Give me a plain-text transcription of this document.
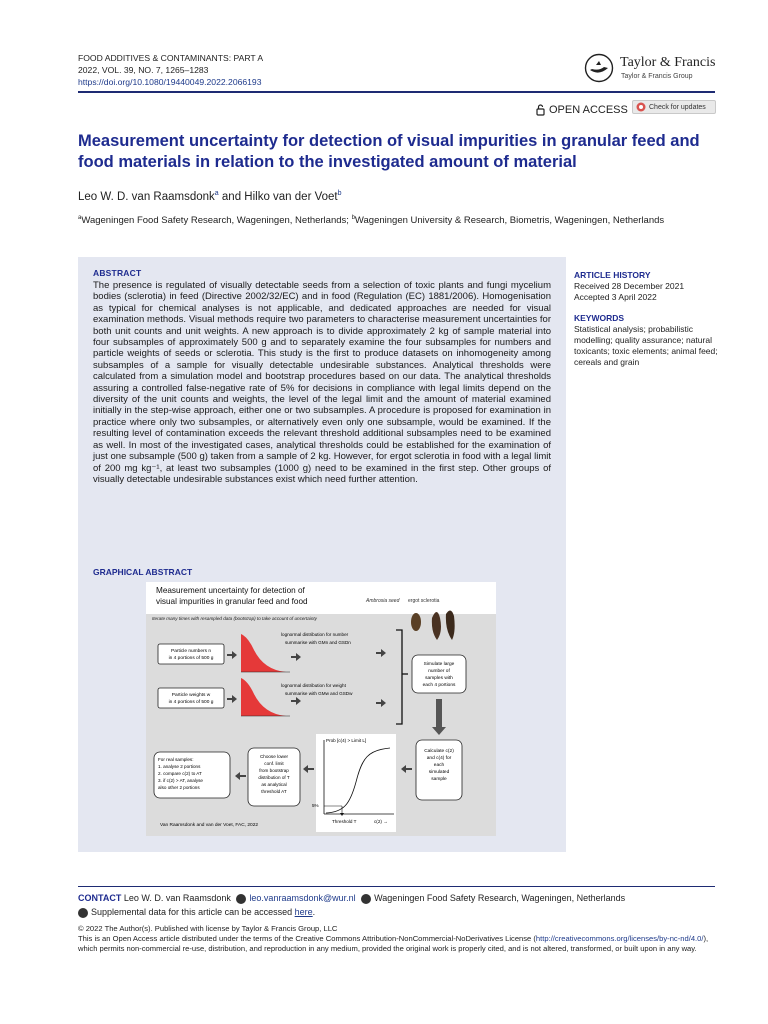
FOOD ADDITIVES & CONTAMINANTS: PART A
2022, VOL. 39, NO. 7, 1265–1283
https://doi.org/10.1080/19440049.2022.2066193
Taylor & Francis
Taylor & Francis Group
OPEN ACCESS	Check for updates
Measurement uncertainty for detection of visual impurities in granular feed and food materials in relation to the investigated amount of material
Leo W. D. van Raamsdonk$^a$ and Hilko van der Voet$^b$
$^a$Wageningen Food Safety Research, Wageningen, Netherlands; $^b$Wageningen University & Research, Biometris, Wageningen, Netherlands
ABSTRACT
The presence is regulated of visually detectable seeds from a selection of toxic plants and fungi mycelium bodies (sclerotia) in feed (Directive 2002/32/EC) and in food (Regulation (EC) 1881/2006). Homogenisation as typical for chemical analyses is not applicable, and dedicated approaches are needed for visual examination methods. Visual methods require two parameters to characterise measurement uncertainties for both unit counts and unit weights. A new approach is to divide approximately 2 kg of sample material into four subsamples of approximately 500 g and to separately examine the four subsamples for numbers and particle weights of seeds or sclerotia. This study is the first to produce datasets on inhomogeneity among subsamples of a sample for visually detectable undesirable substances. Analytical thresholds were calculated from a simulation model and bootstrap procedures based on our data. The analytical thresholds assuring a controlled false-negative rate of 5% for decisions in compliance with legal limits depend on the diversity of the unit counts and weights, the level of the legal limit and the amount of material examined initially in the step-wise approach, either one or two subsamples. A procedure is proposed for examination in practice where only two subsamples, or alternatively even only one subsample, would be examined. If the resulting level of contamination exceeds the relevant threshold additional subsamples need to be examined as well. In most of the investigated cases, analytical thresholds could be established for the examination of just one subsample (500 g) taken from a sample of 2 kg. However, for ergot sclerotia in food with a legal limit of 200 mg kg⁻¹, at least two subsamples (1000 g) need to be examined in the first step. Other groups of visually detectable undesirable substances exist which need further attention.
GRAPHICAL ABSTRACT
Measurement uncertainty for detection of
visual impurities in granular feed and food	Ambrosia seed ergot sclerotia
Iterate many times with resampled data (bootstrap) to take account of uncertainty
Particle numbers n
in 4 portions of 500 g
Particle weights w
in 4 portions of 500 g
lognormal distribution for number
summarise with GMn and GSDn
lognormal distribution for weight
summarise with GMw and GSDw
Simulate large
number of
samples with
each 4 portions
Calculate c(2)
and c(4) for
each
simulated
sample
Prob [c(4) > Limit L]
5%
Threshold T	c(2) →
Choose lower
conf. limit
from bootstrap
distribution of T
as analytical
threshold AT
For real samples:
1. analyse 2 portions
2. compare c(2) to AT
3. if c(2) > AT, analyse
also other 2 portions
Van Raamsdonk and van der Voet, FAC, 2022
ARTICLE HISTORY
Received 28 December 2021
Accepted 3 April 2022
KEYWORDS
Statistical analysis; probabilistic modelling; quality assurance; natural toxicants; toxic elements; animal feed; cereals and grain
CONTACT Leo W. D. van Raamsdonk leo.vanraamsdonk@wur.nl Wageningen Food Safety Research, Wageningen, Netherlands
Supplemental data for this article can be accessed here.
© 2022 The Author(s). Published with license by Taylor & Francis Group, LLC
This is an Open Access article distributed under the terms of the Creative Commons Attribution-NonCommercial-NoDerivatives License (http://creativecommons.org/licenses/by-nc-nd/4.0/), which permits non-commercial re-use, distribution, and reproduction in any medium, provided the original work is properly cited, and is not altered, transformed, or built upon in any way.
